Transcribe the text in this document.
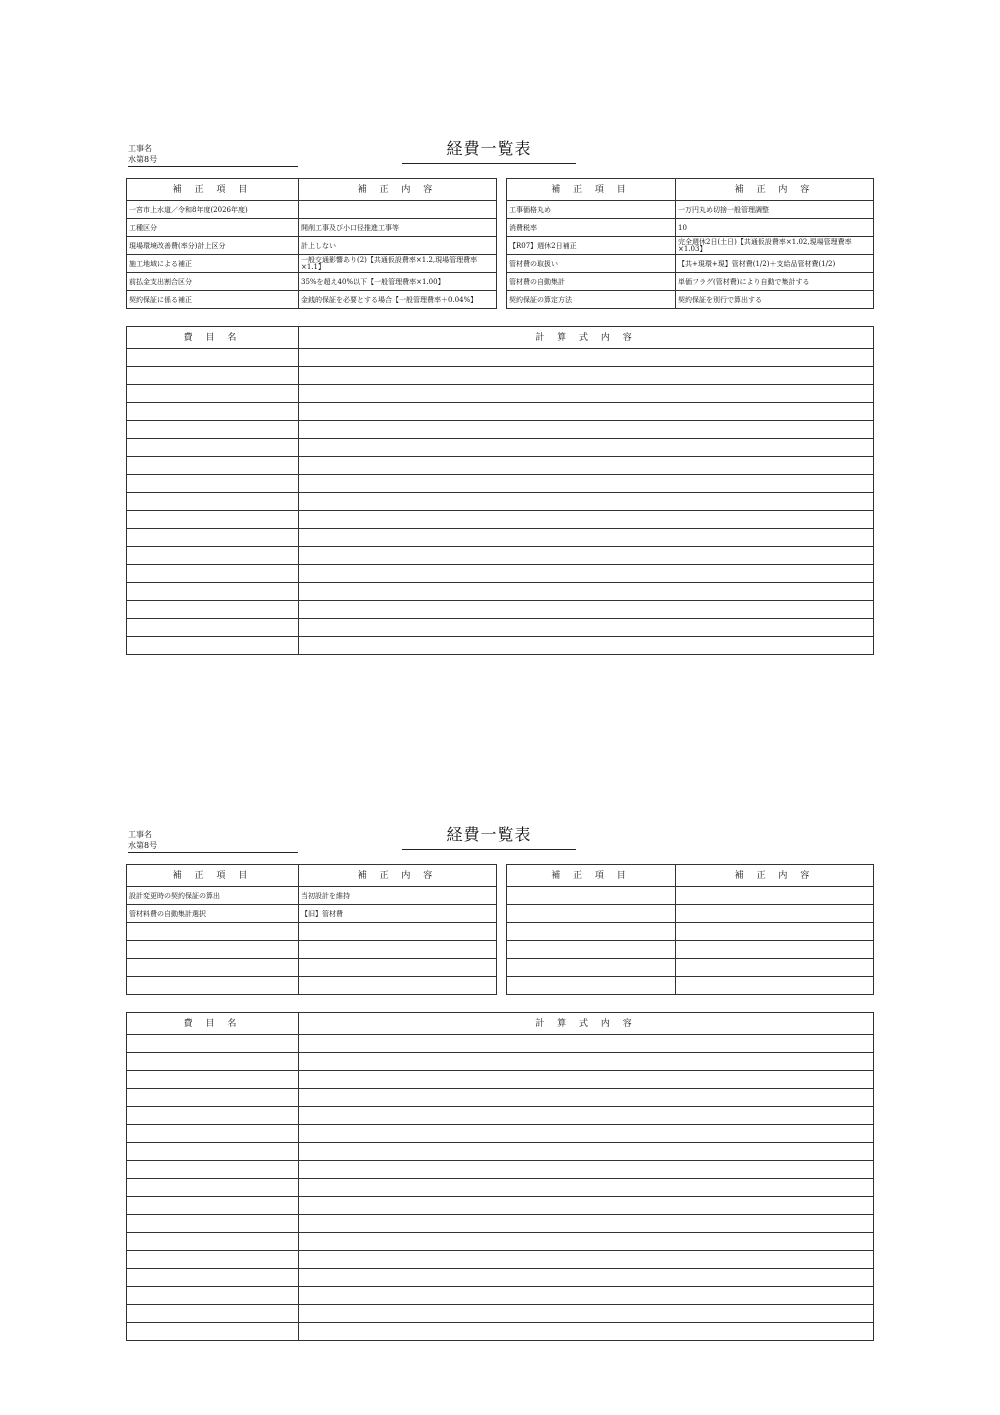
工事名
水第8号
経費一覧表
補 正 項 目	補 正 内 容
一宮市上水道／令和8年度(2026年度)	
工種区分	開削工事及び小口径推進工事等
現場環境改善費(率分)計上区分	計上しない
施工地域による補正	一般交通影響あり(2)【共通仮設費率×1.2,現場管理費率×1.1】
前払金支出割合区分	35%を超え40%以下【一般管理費率×1.00】
契約保証に係る補正	金銭的保証を必要とする場合【一般管理費率＋0.04%】
補 正 項 目	補 正 内 容
工事価格丸め	一万円丸め切捨一般管理調整
消費税率	10
【R07】週休2日補正	完全週休2日(土日)【共通仮設費率×1.02,現場管理費率×1.03】
管材費の取扱い	【共+現環+現】管材費(1/2)＋支給品管材費(1/2)
管材費の自動集計	単価フラグ(管材費)により自動で集計する
契約保証の算定方法	契約保証を別行で算出する
費 目 名	計 算 式 内 容

工事名
水第8号
経費一覧表
補 正 項 目	補 正 内 容
設計変更時の契約保証の算出	当初設計を維持
管材料費の自動集計選択	【旧】管材費

補 正 項 目	補 正 内 容

費 目 名	計 算 式 内 容
